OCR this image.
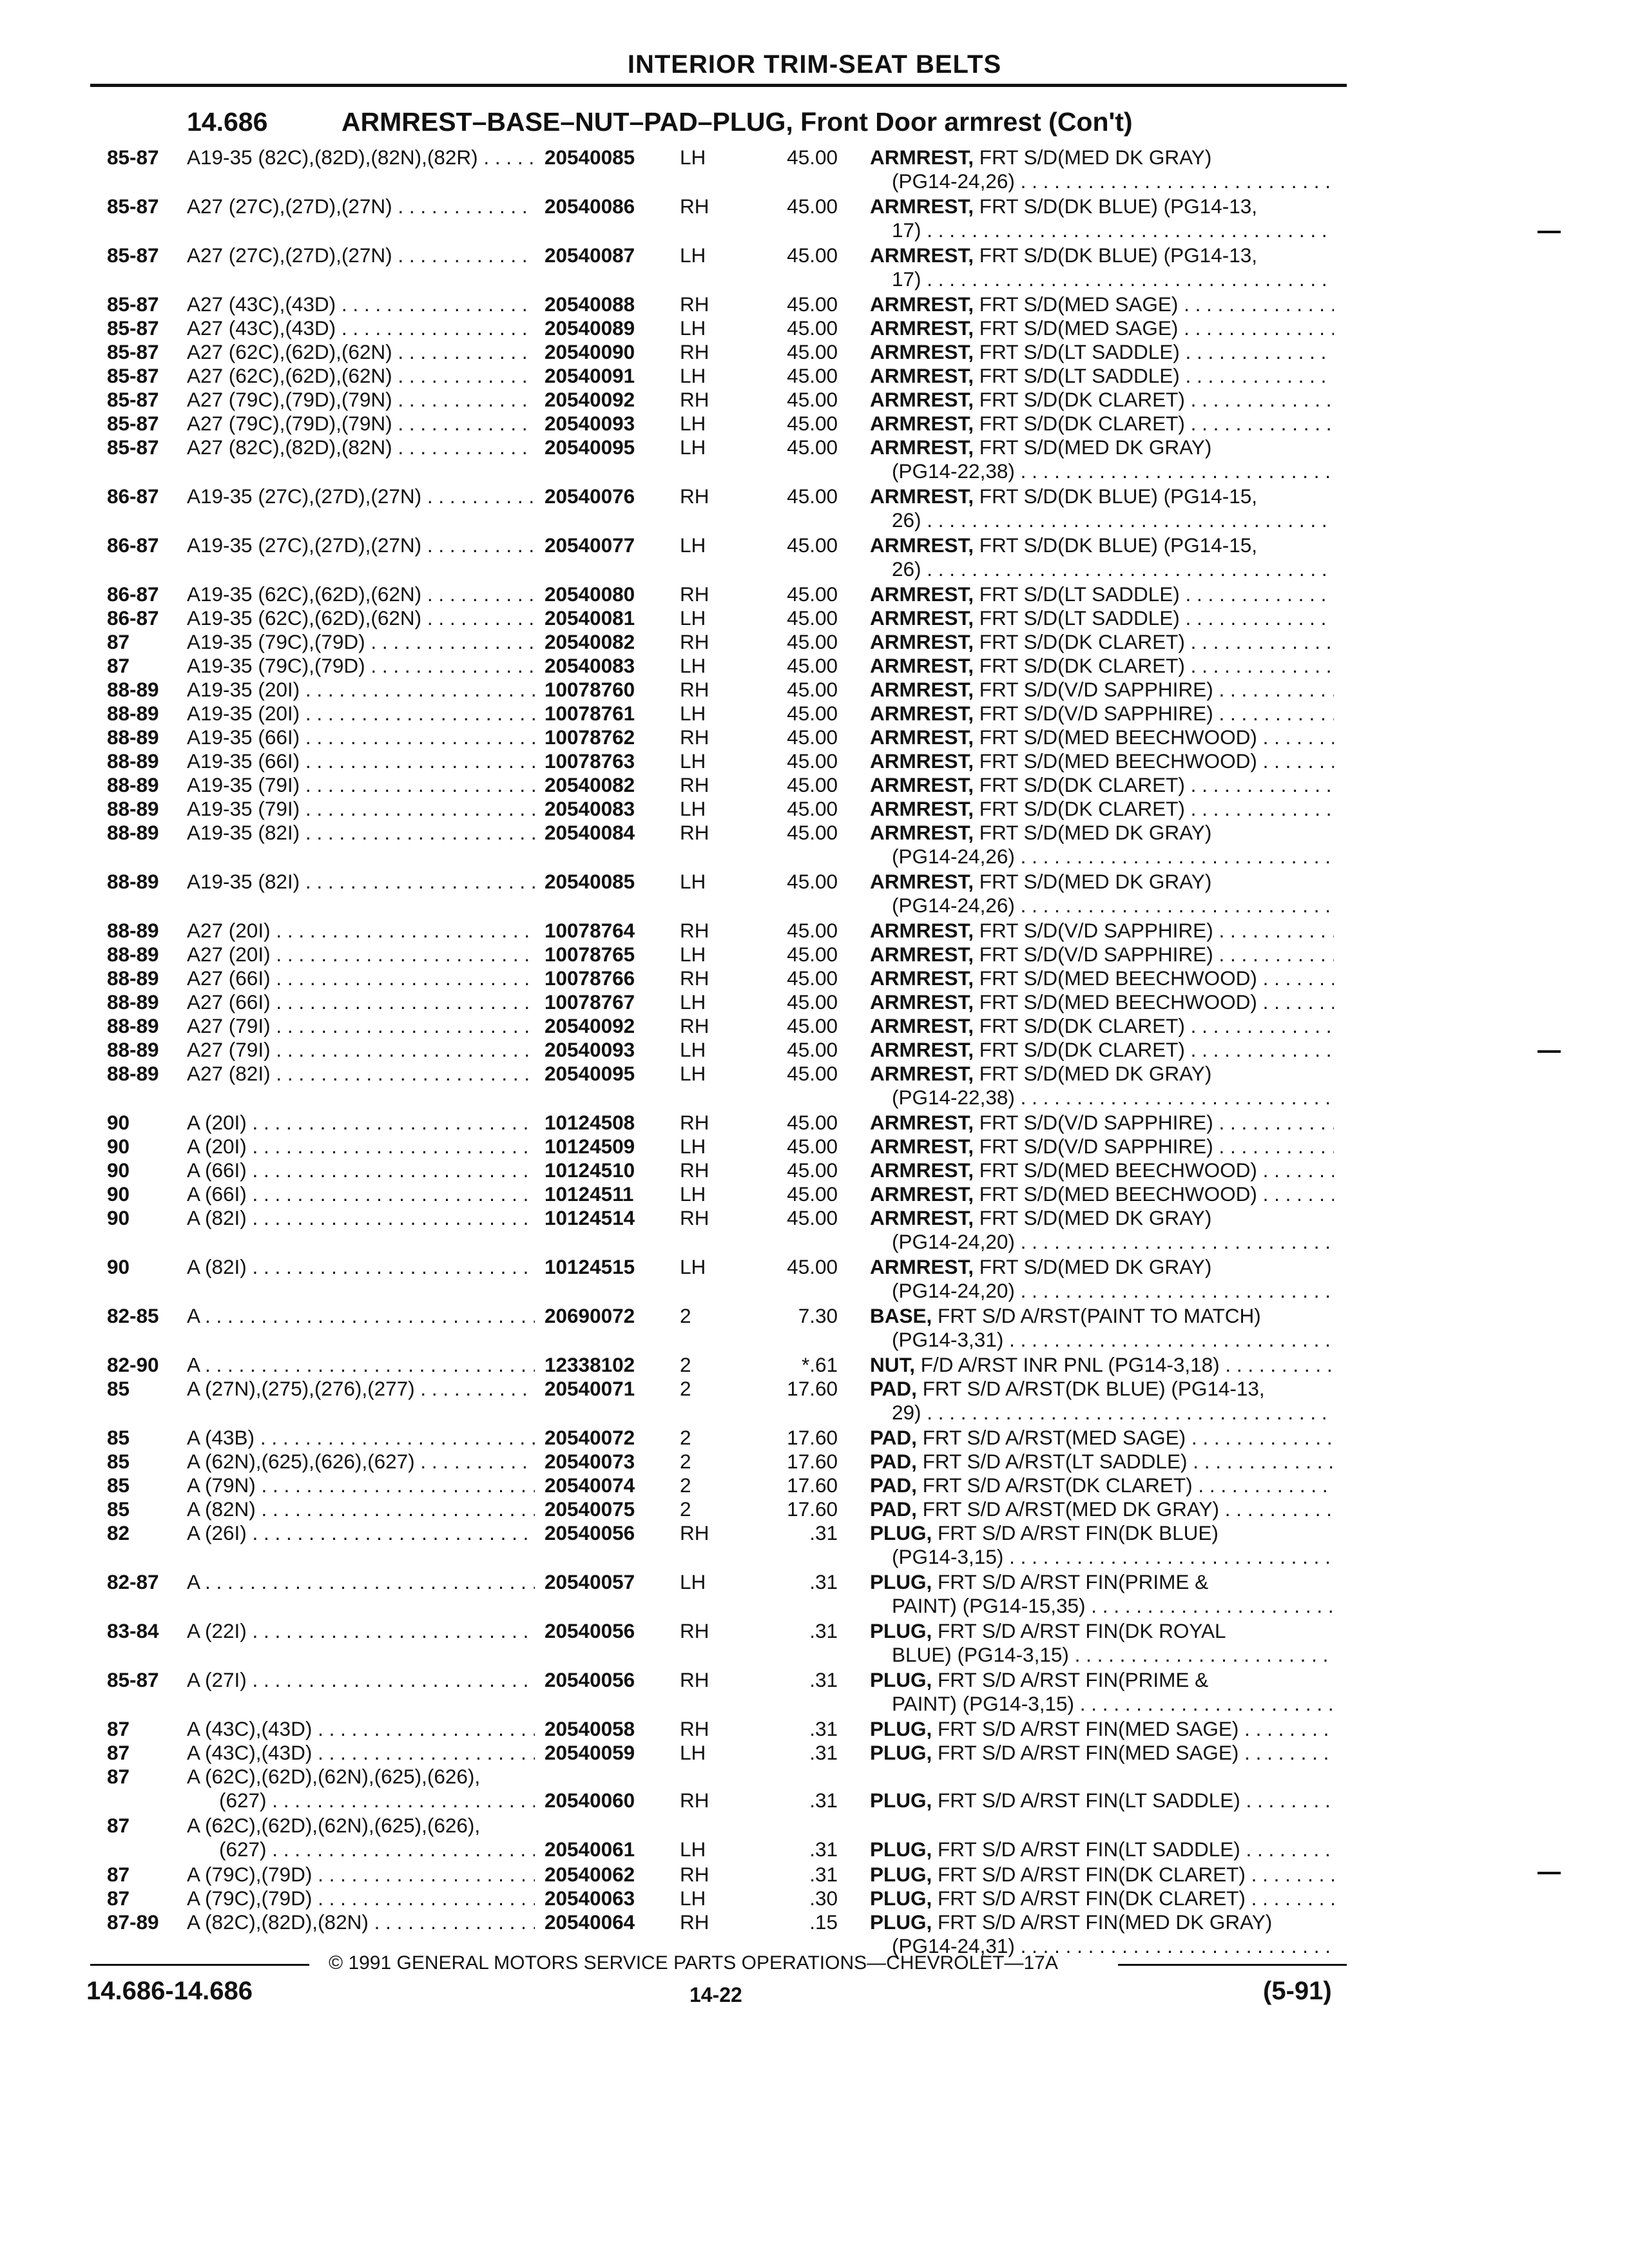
INTERIOR TRIM-SEAT BELTS
14.686	ARMREST–BASE–NUT–PAD–PLUG, Front Door armrest (Con't)
85-87 A19-35 (82C),(82D),(82N),(82R) . . .	20540085 LH	45.00 ARMREST, FRT S/D(MED DK GRAY)
(PG14-24,26) . . .
85-87 A27 (27C),(27D),(27N) . . .	20540086 RH	45.00 ARMREST, FRT S/D(DK BLUE) (PG14-13,
17) . . .
85-87 A27 (27C),(27D),(27N) . . .	20540087 LH	45.00 ARMREST, FRT S/D(DK BLUE) (PG14-13,
17) . . .
85-87 A27 (43C),(43D) . . .	20540088 RH	45.00 ARMREST, FRT S/D(MED SAGE) . . .
85-87 A27 (43C),(43D) . . .	20540089 LH	45.00 ARMREST, FRT S/D(MED SAGE) . . .
85-87 A27 (62C),(62D),(62N) . . .	20540090 RH	45.00 ARMREST, FRT S/D(LT SADDLE) . . .
85-87 A27 (62C),(62D),(62N) . . .	20540091 LH	45.00 ARMREST, FRT S/D(LT SADDLE) . . .
85-87 A27 (79C),(79D),(79N) . . .	20540092 RH	45.00 ARMREST, FRT S/D(DK CLARET) . . .
85-87 A27 (79C),(79D),(79N) . . .	20540093 LH	45.00 ARMREST, FRT S/D(DK CLARET) . . .
85-87 A27 (82C),(82D),(82N) . . .	20540095 LH	45.00 ARMREST, FRT S/D(MED DK GRAY)
(PG14-22,38) . . .
86-87 A19-35 (27C),(27D),(27N) . . .	20540076 RH	45.00 ARMREST, FRT S/D(DK BLUE) (PG14-15,
26) . . .
86-87 A19-35 (27C),(27D),(27N) . . .	20540077 LH	45.00 ARMREST, FRT S/D(DK BLUE) (PG14-15,
26) . . .
86-87 A19-35 (62C),(62D),(62N) . . .	20540080 RH	45.00 ARMREST, FRT S/D(LT SADDLE) . . .
86-87 A19-35 (62C),(62D),(62N) . . .	20540081 LH	45.00 ARMREST, FRT S/D(LT SADDLE) . . .
87	A19-35 (79C),(79D) . . .	20540082 RH	45.00 ARMREST, FRT S/D(DK CLARET) . . .
87	A19-35 (79C),(79D) . . .	20540083 LH	45.00 ARMREST, FRT S/D(DK CLARET) . . .
88-89 A19-35 (20I) . . .	10078760 RH	45.00 ARMREST, FRT S/D(V/D SAPPHIRE) . . .
88-89 A19-35 (20I) . . .	10078761 LH	45.00 ARMREST, FRT S/D(V/D SAPPHIRE) . . .
88-89 A19-35 (66I) . . .	10078762 RH	45.00 ARMREST, FRT S/D(MED BEECHWOOD) . . .
88-89 A19-35 (66I) . . .	10078763 LH	45.00 ARMREST, FRT S/D(MED BEECHWOOD) . . .
88-89 A19-35 (79I) . . .	20540082 RH	45.00 ARMREST, FRT S/D(DK CLARET) . . .
88-89 A19-35 (79I) . . .	20540083 LH	45.00 ARMREST, FRT S/D(DK CLARET) . . .
88-89 A19-35 (82I) . . .	20540084 RH	45.00 ARMREST, FRT S/D(MED DK GRAY)
(PG14-24,26) . . .
88-89 A19-35 (82I) . . .	20540085 LH	45.00 ARMREST, FRT S/D(MED DK GRAY)
(PG14-24,26) . . .
88-89 A27 (20I) . . .	10078764 RH	45.00 ARMREST, FRT S/D(V/D SAPPHIRE) . . .
88-89 A27 (20I) . . .	10078765 LH	45.00 ARMREST, FRT S/D(V/D SAPPHIRE) . . .
88-89 A27 (66I) . . .	10078766 RH	45.00 ARMREST, FRT S/D(MED BEECHWOOD) . . .
88-89 A27 (66I) . . .	10078767 LH	45.00 ARMREST, FRT S/D(MED BEECHWOOD) . . .
88-89 A27 (79I) . . .	20540092 RH	45.00 ARMREST, FRT S/D(DK CLARET) . . .
88-89 A27 (79I) . . .	20540093 LH	45.00 ARMREST, FRT S/D(DK CLARET) . . .
88-89 A27 (82I) . . .	20540095 LH	45.00 ARMREST, FRT S/D(MED DK GRAY)
(PG14-22,38) . . .
90	A (20I) . . .	10124508 RH	45.00 ARMREST, FRT S/D(V/D SAPPHIRE) . . .
90	A (20I) . . .	10124509 LH	45.00 ARMREST, FRT S/D(V/D SAPPHIRE) . . .
90	A (66I) . . .	10124510 RH	45.00 ARMREST, FRT S/D(MED BEECHWOOD) . . .
90	A (66I) . . .	10124511 LH	45.00 ARMREST, FRT S/D(MED BEECHWOOD) . . .
90	A (82I) . . .	10124514 RH	45.00 ARMREST, FRT S/D(MED DK GRAY)
(PG14-24,20) . . .
90	A (82I) . . .	10124515 LH	45.00 ARMREST, FRT S/D(MED DK GRAY)
(PG14-24,20) . . .
82-85 A . . .	20690072 2	7.30 BASE, FRT S/D A/RST(PAINT TO MATCH)
(PG14-3,31) . . .
82-90 A . . .	12338102 2	*.61 NUT, F/D A/RST INR PNL (PG14-3,18) . . .
85	A (27N),(275),(276),(277) . . .	20540071 2	17.60 PAD, FRT S/D A/RST(DK BLUE) (PG14-13,
29) . . .
85	A (43B) . . .	20540072 2	17.60 PAD, FRT S/D A/RST(MED SAGE) . . .
85	A (62N),(625),(626),(627) . . .	20540073 2	17.60 PAD, FRT S/D A/RST(LT SADDLE) . . .
85	A (79N) . . .	20540074 2	17.60 PAD, FRT S/D A/RST(DK CLARET) . . .
85	A (82N) . . .	20540075 2	17.60 PAD, FRT S/D A/RST(MED DK GRAY) . . .
82	A (26I) . . .	20540056 RH	.31 PLUG, FRT S/D A/RST FIN(DK BLUE)
(PG14-3,15) . . .
82-87 A . . .	20540057 LH	.31 PLUG, FRT S/D A/RST FIN(PRIME &
PAINT) (PG14-15,35) . . .
83-84 A (22I) . . .	20540056 RH	.31 PLUG, FRT S/D A/RST FIN(DK ROYAL
BLUE) (PG14-3,15) . . .
85-87 A (27I) . . .	20540056 RH	.31 PLUG, FRT S/D A/RST FIN(PRIME &
PAINT) (PG14-3,15) . . .
87	A (43C),(43D) . . .	20540058 RH	.31 PLUG, FRT S/D A/RST FIN(MED SAGE) . . .
87	A (43C),(43D) . . .	20540059 LH	.31 PLUG, FRT S/D A/RST FIN(MED SAGE) . . .
87	A (62C),(62D),(62N),(625),(626),
(627) . . .	20540060 RH	.31 PLUG, FRT S/D A/RST FIN(LT SADDLE) . . .
87	A (62C),(62D),(62N),(625),(626),
(627) . . .	20540061 LH	.31 PLUG, FRT S/D A/RST FIN(LT SADDLE) . . .
87	A (79C),(79D) . . .	20540062 RH	.31 PLUG, FRT S/D A/RST FIN(DK CLARET) . . .
87	A (79C),(79D) . . .	20540063 LH	.30 PLUG, FRT S/D A/RST FIN(DK CLARET) . . .
87-89 A (82C),(82D),(82N) . . .	20540064 RH	.15 PLUG, FRT S/D A/RST FIN(MED DK GRAY)
(PG14-24,31) . . .
© 1991 GENERAL MOTORS SERVICE PARTS OPERATIONS—CHEVROLET—17A
14.686-14.686	14-22	(5-91)
